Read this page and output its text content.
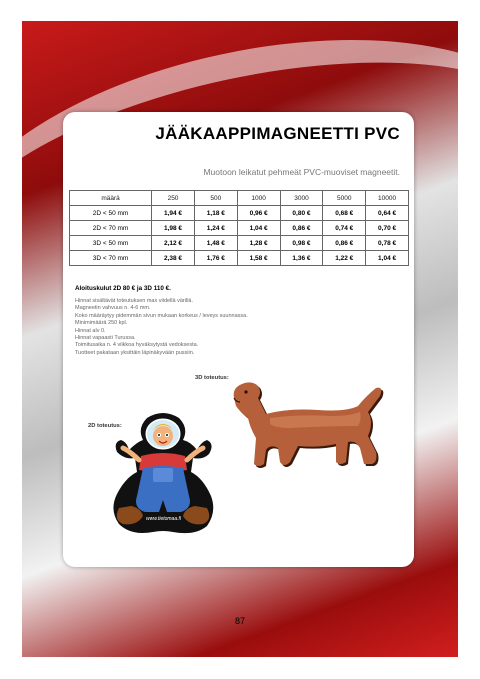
JÄÄKAAPPIMAGNEETTI PVC
Muotoon leikatut pehmeät PVC-muoviset magneetit.
määrä	250	500	1000	3000	5000	10000
2D < 50 mm	1,94 €	1,18 €	0,96 €	0,80 €	0,68 €	0,64 €
2D < 70 mm	1,98 €	1,24 €	1,04 €	0,86 €	0,74 €	0,70 €
3D < 50 mm	2,12 €	1,48 €	1,28 €	0,98 €	0,86 €	0,78 €
3D < 70 mm	2,38 €	1,76 €	1,58 €	1,36 €	1,22 €	1,04 €
Aloituskulut 2D 80 € ja 3D 110 €.
Hinnat sisältävät toteutuksen max viidellä värillä.
Magneetin vahvuus n. 4-6 mm.
Koko määräytyy pidemmän sivun mukaan korkeus / leveys suunnassa.
Minimimäärä 250 kpl.
Hinnat alv 0.
Hinnat vapaasti Turussa.
Toimitusaika n. 4 viikkoa hyväksytystä vedoksesta.
Tuotteet pakataan yksittäin läpinäkyvään pussiin.
3D toteutus:
2D toteutus:
www.tietomaa.fi
87
